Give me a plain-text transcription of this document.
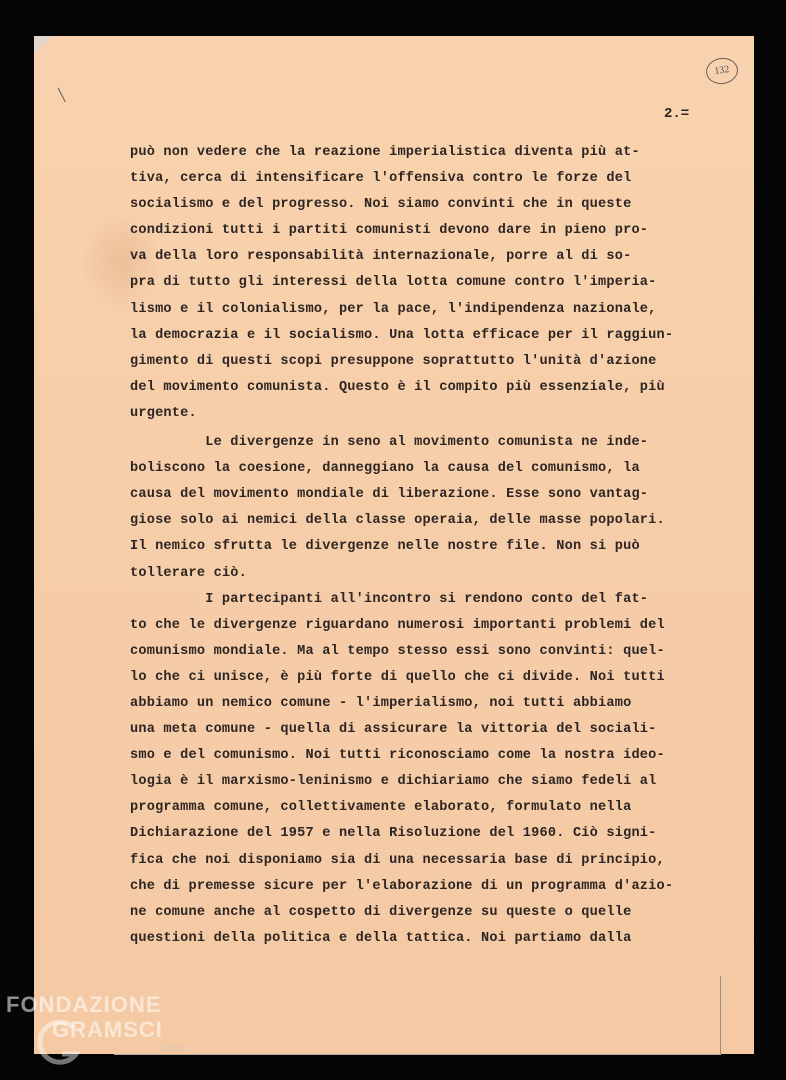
╲
132
2.=
può non vedere che la reazione imperialistica diventa più at-
tiva, cerca di intensificare l'offensiva contro le forze del
socialismo e del progresso. Noi siamo convinti che in queste
condizioni tutti i partiti comunisti devono dare in pieno pro-
va della loro responsabilità internazionale, porre al di so-
pra di tutto gli interessi della lotta comune contro l'imperia-
lismo e il colonialismo, per la pace, l'indipendenza nazionale,
la democrazia e il socialismo. Una lotta efficace per il raggiun-
gimento di questi scopi presuppone soprattutto l'unità d'azione
del movimento comunista. Questo è il compito più essenziale, più
urgente.
Le divergenze in seno al movimento comunista ne inde-
boliscono la coesione, danneggiano la causa del comunismo, la
causa del movimento mondiale di liberazione. Esse sono vantag-
giose solo ai nemici della classe operaia, delle masse popolari.
Il nemico sfrutta le divergenze nelle nostre file. Non si può
tollerare ciò.
I partecipanti all'incontro si rendono conto del fat-
to che le divergenze riguardano numerosi importanti problemi del
comunismo mondiale. Ma al tempo stesso essi sono convinti: quel-
lo che ci unisce, è più forte di quello che ci divide. Noi tutti
abbiamo un nemico comune - l'imperialismo, noi tutti abbiamo
una meta comune - quella di assicurare la vittoria del sociali-
smo e del comunismo. Noi tutti riconosciamo come la nostra ideo-
logia è il marxismo-leninismo e dichiariamo che siamo fedeli al
programma comune, collettivamente elaborato, formulato nella
Dichiarazione del 1957 e nella Risoluzione del 1960. Ciò signi-
fica che noi disponiamo sia di una necessaria base di principio,
che di premesse sicure per l'elaborazione di un programma d'azio-
ne comune anche al cospetto di divergenze su queste o quelle
questioni della politica e della tattica. Noi partiamo dalla
FONDAZIONE
GRAMSCI
onlus
